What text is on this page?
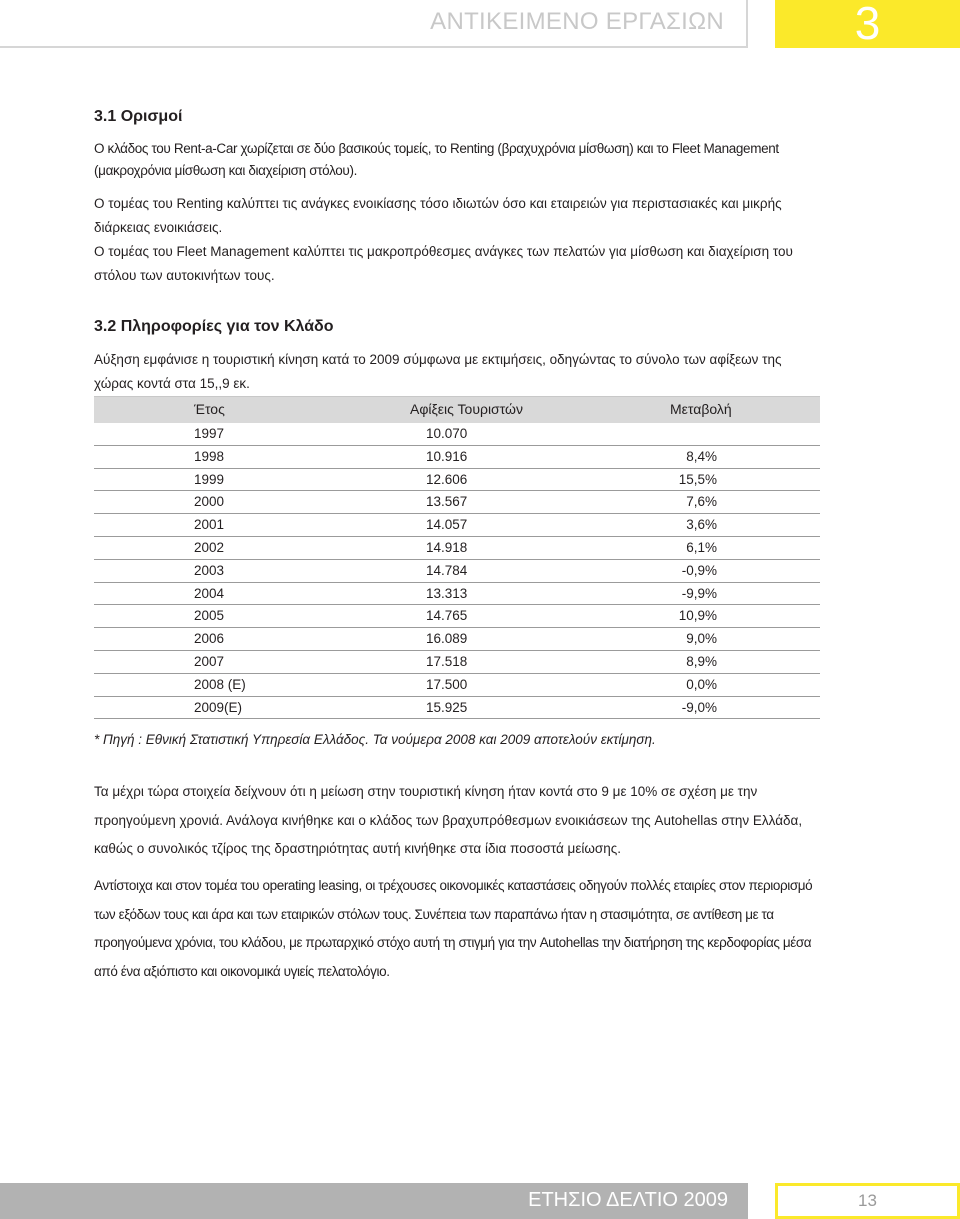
ΑΝΤΙΚΕΙΜΕΝΟ ΕΡΓΑΣΙΩΝ	3
3.1 Ορισμοί

Ο κλάδος του Rent-a-Car χωρίζεται σε δύο βασικούς τομείς, το Renting (βραχυχρόνια μίσθωση) και το Fleet Management (μακροχρόνια μίσθωση και διαχείριση στόλου).

Ο τομέας του Renting καλύπτει τις ανάγκες ενοικίασης τόσο ιδιωτών όσο και εταιρειών για περιστασιακές και μικρής διάρκειας ενοικιάσεις.

Ο τομέας του Fleet Management καλύπτει τις μακροπρόθεσμες ανάγκες των πελατών για μίσθωση και διαχείριση του στόλου των αυτοκινήτων τους.

3.2 Πληροφορίες για τον Κλάδο

Αύξηση εμφάνισε η τουριστική κίνηση κατά το 2009 σύμφωνα με εκτιμήσεις, οδηγώντας το σύνολο των αφίξεων της χώρας κοντά στα 15,,9 εκ.

Έτος	Αφίξεις Τουριστών	Μεταβολή
1997	10.070
1998	10.916	8,4%
1999	12.606	15,5%
2000	13.567	7,6%
2001	14.057	3,6%
2002	14.918	6,1%
2003	14.784	-0,9%
2004	13.313	-9,9%
2005	14.765	10,9%
2006	16.089	9,0%
2007	17.518	8,9%
2008 (E)	17.500	0,0%
2009(E)	15.925	-9,0%
* Πηγή : Εθνική Στατιστική Υπηρεσία Ελλάδος. Τα νούμερα 2008 και 2009 αποτελούν εκτίμηση.

Τα μέχρι τώρα στοιχεία δείχνουν ότι η μείωση στην τουριστική κίνηση ήταν κοντά στο 9 με 10% σε σχέση με την προηγούμενη χρονιά. Ανάλογα κινήθηκε και ο κλάδος των βραχυπρόθεσμων ενοικιάσεων της Autohellas στην Ελλάδα, καθώς ο συνολικός τζίρος της δραστηριότητας αυτή κινήθηκε στα ίδια ποσοστά μείωσης.

Αντίστοιχα και στον τομέα του operating leasing, οι τρέχουσες οικονομικές καταστάσεις οδηγούν πολλές εταιρίες στον περιορισμό των εξόδων τους και άρα και των εταιρικών στόλων τους. Συνέπεια των παραπάνω ήταν η στασιμότητα, σε αντίθεση με τα προηγούμενα χρόνια, του κλάδου, με πρωταρχικό στόχο αυτή τη στιγμή για την Autohellas την διατήρηση της κερδοφορίας μέσα από ένα αξιόπιστο και οικονομικά υγιείς πελατολόγιο.

ΕΤΗΣΙΟ ΔΕΛΤΙΟ 2009	13
